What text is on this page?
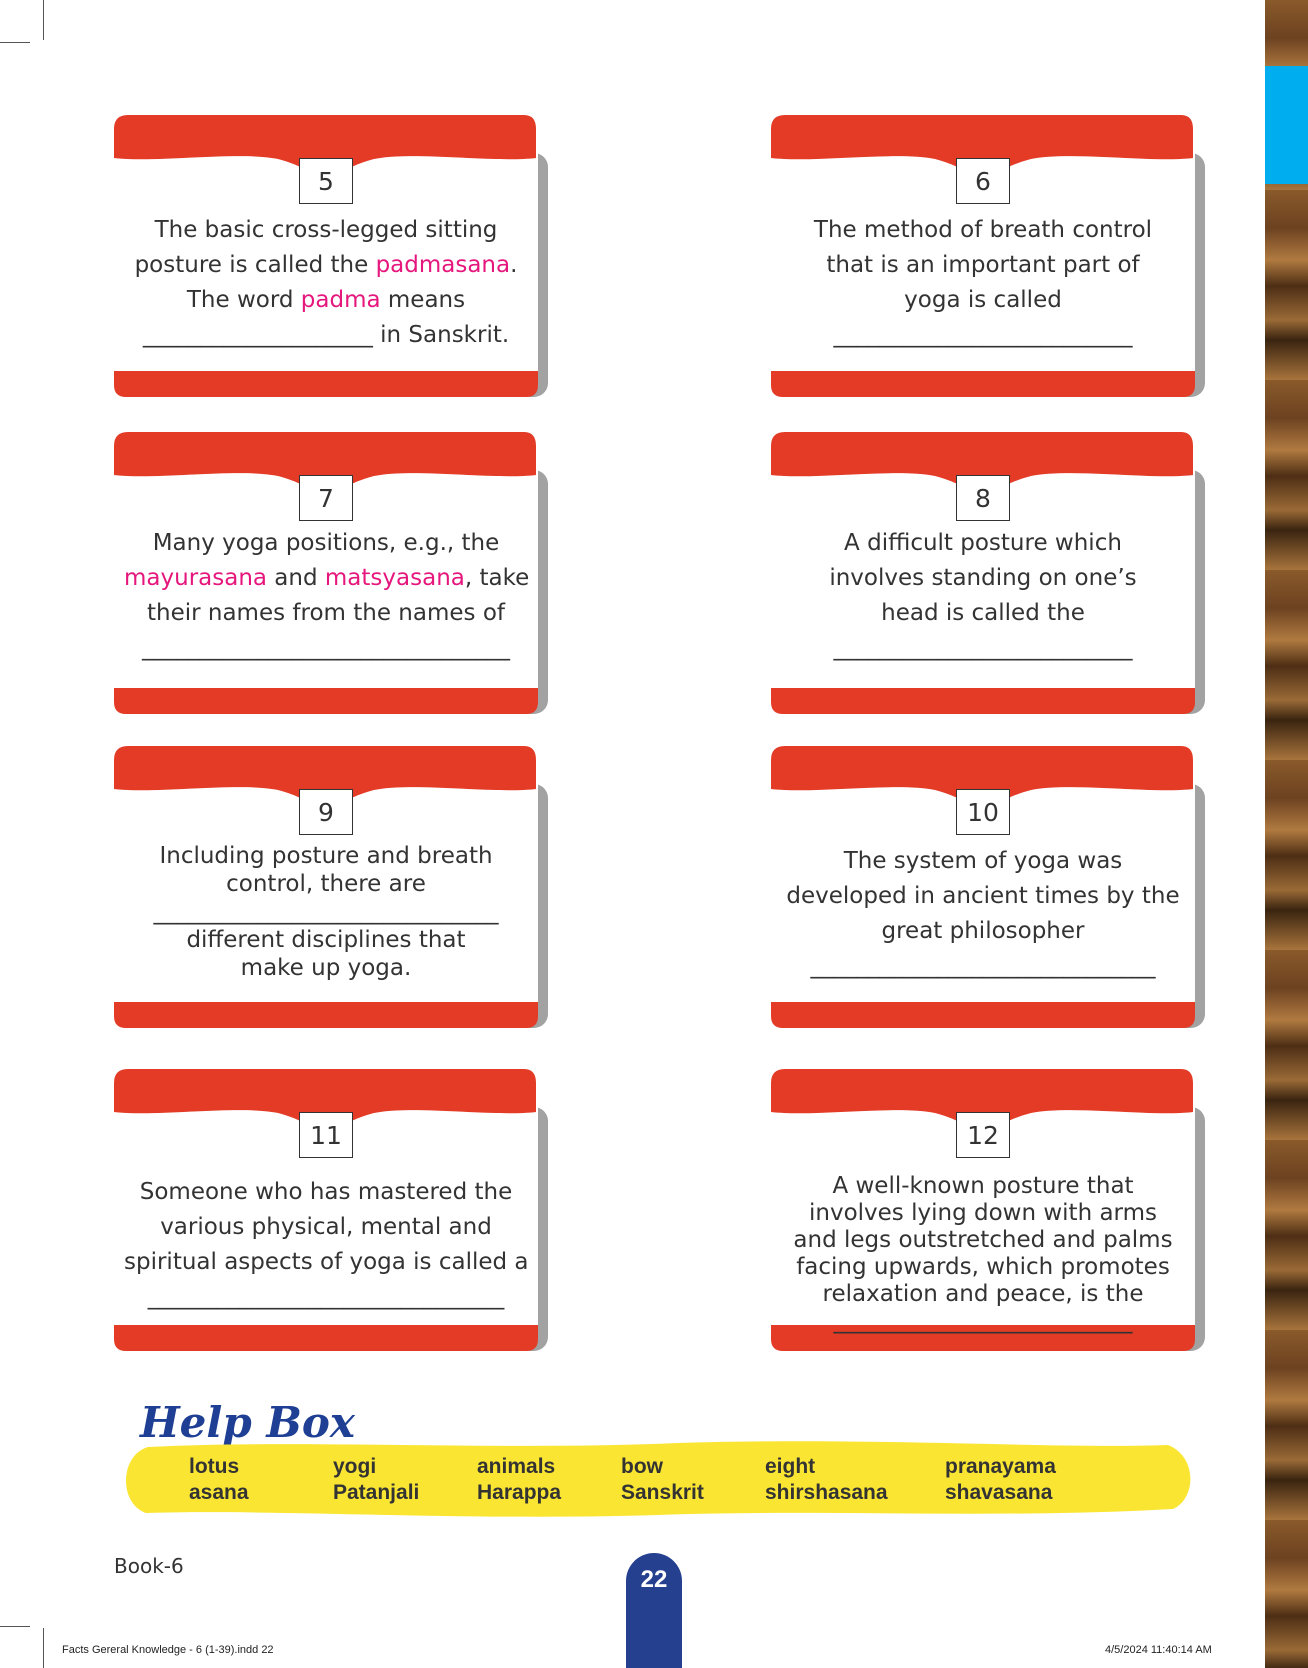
5
The basic cross-legged sitting
posture is called the padmasana.
The word padma means
____________________ in Sanskrit.
6
The method of breath control
that is an important part of
yoga is called
__________________________
7
Many yoga positions, e.g., the
mayurasana and matsyasana, take
their names from the names of
________________________________
8
A difficult posture which
involves standing on one’s
head is called the
__________________________
9
Including posture and breath
control, there are
______________________________
different disciplines that
make up yoga.
10
The system of yoga was
developed in ancient times by the
great philosopher
______________________________
11
Someone who has mastered the
various physical, mental and
spiritual aspects of yoga is called a
_______________________________
12
A well-known posture that
involves lying down with arms
and legs outstretched and palms
facing upwards, which promotes
relaxation and peace, is the
__________________________
Help Box
lotus
asana
yogi
Patanjali
animals
Harappa
bow
Sanskrit
eight
shirshasana
pranayama
shavasana
Book-6	22
Facts Gereral Knowledge - 6 (1-39).indd 22	4/5/2024 11:40:14 AM
